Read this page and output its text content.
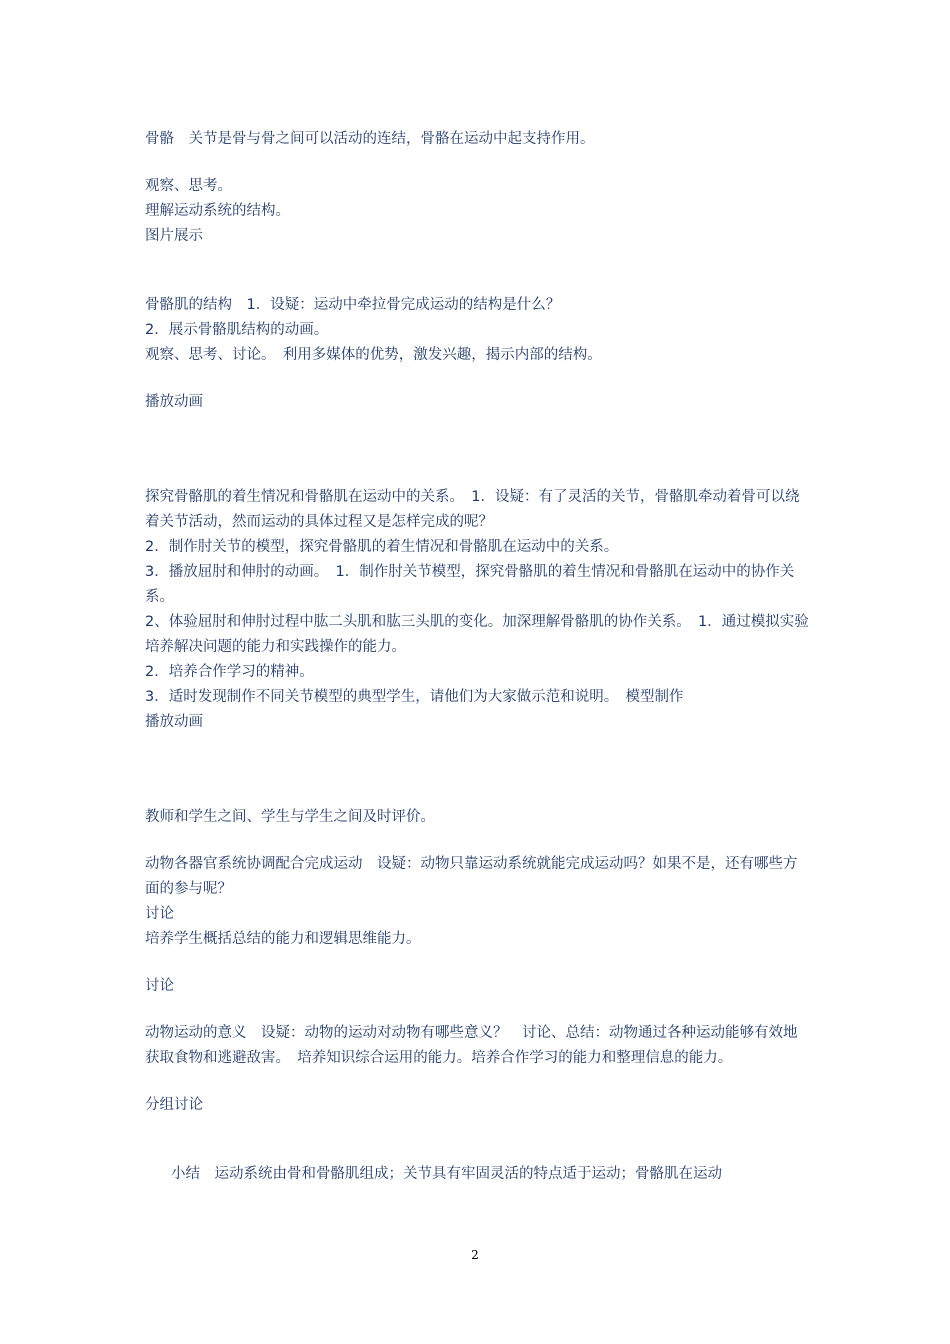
骨骼　关节是骨与骨之间可以活动的连结，骨骼在运动中起支持作用。

观察、思考。

理解运动系统的结构。

图片展示

骨骼肌的结构　1．设疑：运动中牵拉骨完成运动的结构是什么？

2．展示骨骼肌结构的动画。

观察、思考、讨论。　利用多媒体的优势，激发兴趣，揭示内部的结构。

播放动画

探究骨骼肌的着生情况和骨骼肌在运动中的关系。　1．设疑：有了灵活的关节，骨骼肌牵动着骨可以绕着关节活动，然而运动的具体过程又是怎样完成的呢？

2．制作肘关节的模型，探究骨骼肌的着生情况和骨骼肌在运动中的关系。

3．播放屈肘和伸肘的动画。　1．制作肘关节模型，探究骨骼肌的着生情况和骨骼肌在运动中的协作关系。

2、体验屈肘和伸肘过程中肱二头肌和肱三头肌的变化。加深理解骨骼肌的协作关系。　1．通过模拟实验培养解决问题的能力和实践操作的能力。

2．培养合作学习的精神。

3．适时发现制作不同关节模型的典型学生，请他们为大家做示范和说明。　模型制作

播放动画

教师和学生之间、学生与学生之间及时评价。

动物各器官系统协调配合完成运动　设疑：动物只靠运动系统就能完成运动吗？如果不是，还有哪些方面的参与呢？

讨论

培养学生概括总结的能力和逻辑思维能力。

讨论

动物运动的意义　设疑：动物的运动对动物有哪些意义？　讨论、总结：动物通过各种运动能够有效地获取食物和逃避敌害。　培养知识综合运用的能力。培养合作学习的能力和整理信息的能力。

分组讨论

小结　运动系统由骨和骨骼肌组成；关节具有牢固灵活的特点适于运动；骨骼肌在运动

2
